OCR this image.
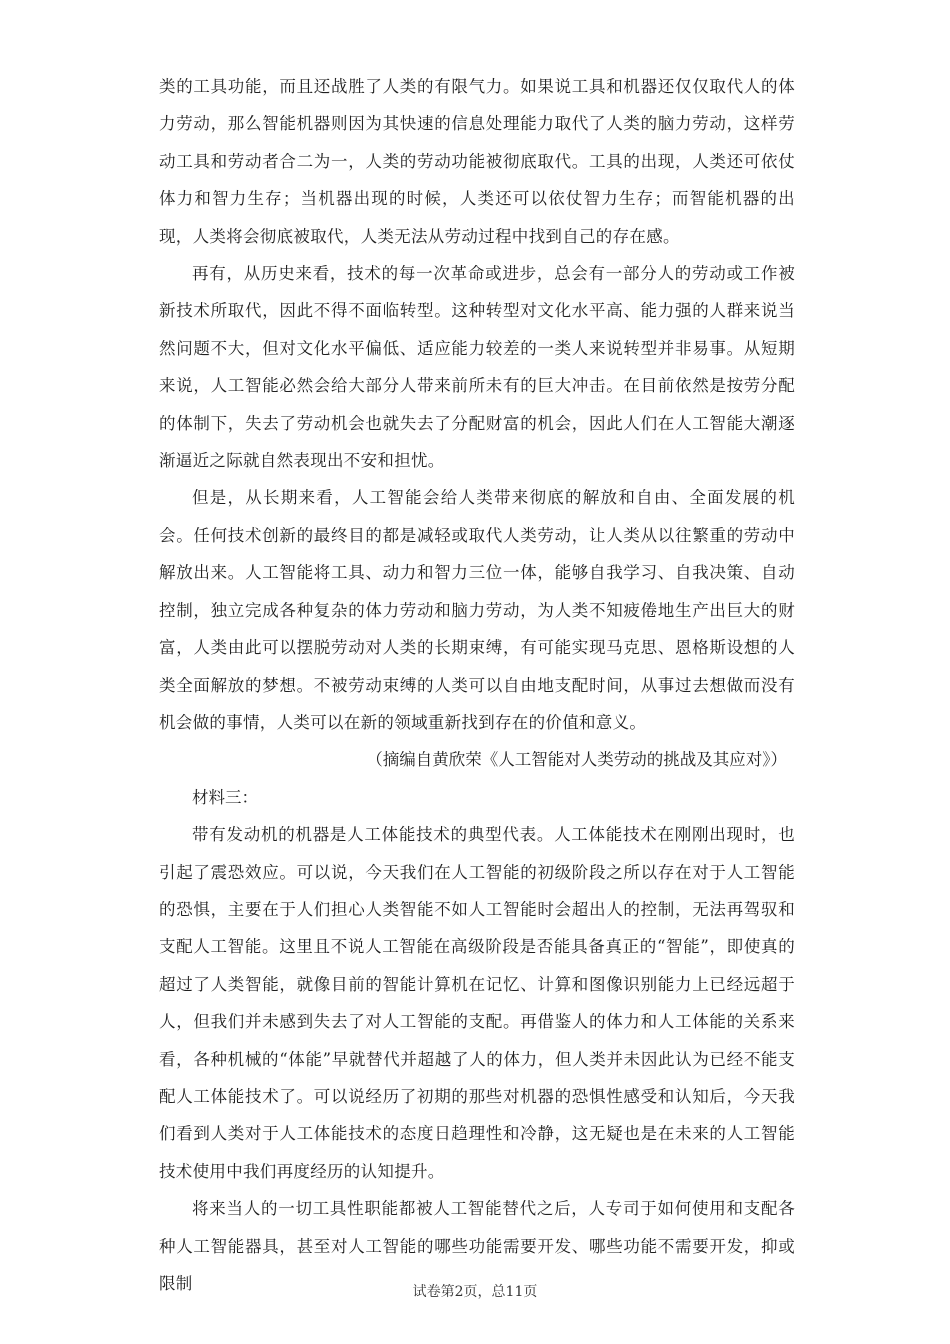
类的工具功能，而且还战胜了人类的有限气力。如果说工具和机器还仅仅取代人的体力劳动，那么智能机器则因为其快速的信息处理能力取代了人类的脑力劳动，这样劳动工具和劳动者合二为一，人类的劳动功能被彻底取代。工具的出现，人类还可依仗体力和智力生存；当机器出现的时候，人类还可以依仗智力生存；而智能机器的出现，人类将会彻底被取代，人类无法从劳动过程中找到自己的存在感。

再有，从历史来看，技术的每一次革命或进步，总会有一部分人的劳动或工作被新技术所取代，因此不得不面临转型。这种转型对文化水平高、能力强的人群来说当然问题不大，但对文化水平偏低、适应能力较差的一类人来说转型并非易事。从短期来说，人工智能必然会给大部分人带来前所未有的巨大冲击。在目前依然是按劳分配的体制下，失去了劳动机会也就失去了分配财富的机会，因此人们在人工智能大潮逐渐逼近之际就自然表现出不安和担忧。

但是，从长期来看，人工智能会给人类带来彻底的解放和自由、全面发展的机会。任何技术创新的最终目的都是减轻或取代人类劳动，让人类从以往繁重的劳动中解放出来。人工智能将工具、动力和智力三位一体，能够自我学习、自我决策、自动控制，独立完成各种复杂的体力劳动和脑力劳动，为人类不知疲倦地生产出巨大的财富，人类由此可以摆脱劳动对人类的长期束缚，有可能实现马克思、恩格斯设想的人类全面解放的梦想。不被劳动束缚的人类可以自由地支配时间，从事过去想做而没有机会做的事情，人类可以在新的领域重新找到存在的价值和意义。

（摘编自黄欣荣《人工智能对人类劳动的挑战及其应对》）

材料三：

带有发动机的机器是人工体能技术的典型代表。人工体能技术在刚刚出现时，也引起了震恐效应。可以说，今天我们在人工智能的初级阶段之所以存在对于人工智能的恐惧，主要在于人们担心人类智能不如人工智能时会超出人的控制，无法再驾驭和支配人工智能。这里且不说人工智能在高级阶段是否能具备真正的“智能”，即使真的超过了人类智能，就像目前的智能计算机在记忆、计算和图像识别能力上已经远超于人，但我们并未感到失去了对人工智能的支配。再借鉴人的体力和人工体能的关系来看，各种机械的“体能”早就替代并超越了人的体力，但人类并未因此认为已经不能支配人工体能技术了。可以说经历了初期的那些对机器的恐惧性感受和认知后，今天我们看到人类对于人工体能技术的态度日趋理性和冷静，这无疑也是在未来的人工智能技术使用中我们再度经历的认知提升。

将来当人的一切工具性职能都被人工智能替代之后，人专司于如何使用和支配各种人工智能器具，甚至对人工智能的哪些功能需要开发、哪些功能不需要开发，抑或限制	试卷第2页，总11页
